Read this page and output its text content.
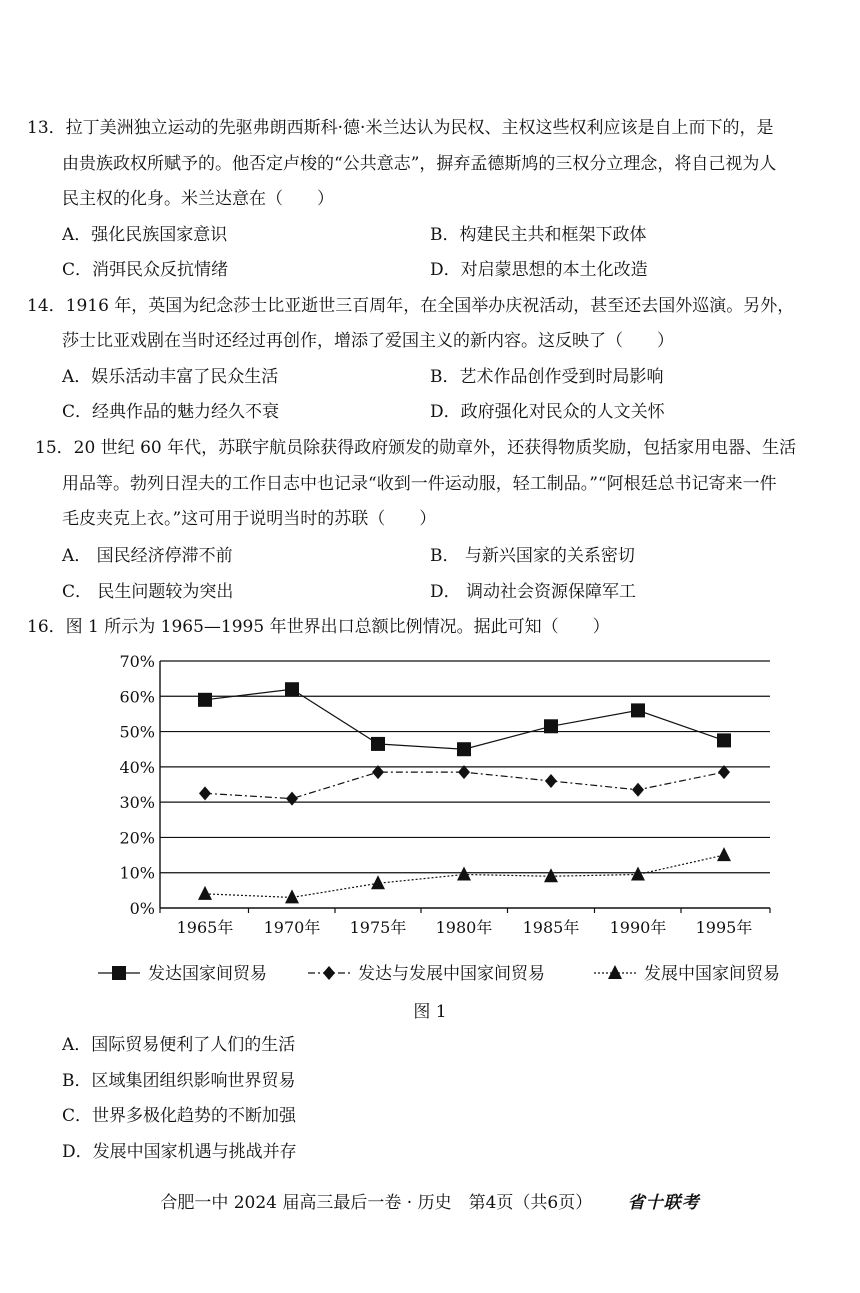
13．拉丁美洲独立运动的先驱弗朗西斯科·德·米兰达认为民权、主权这些权利应该是自上而下的，是
由贵族政权所赋予的。他否定卢梭的“公共意志”，摒弃孟德斯鸠的三权分立理念，将自己视为人
民主权的化身。米兰达意在（　　）
A．强化民族国家意识	B．构建民主共和框架下政体
C．消弭民众反抗情绪	D．对启蒙思想的本土化改造
14．1916 年，英国为纪念莎士比亚逝世三百周年，在全国举办庆祝活动，甚至还去国外巡演。另外，
莎士比亚戏剧在当时还经过再创作，增添了爱国主义的新内容。这反映了（　　）
A．娱乐活动丰富了民众生活	B．艺术作品创作受到时局影响
C．经典作品的魅力经久不衰	D．政府强化对民众的人文关怀
15．20 世纪 60 年代，苏联宇航员除获得政府颁发的勋章外，还获得物质奖励，包括家用电器、生活
用品等。勃列日涅夫的工作日志中也记录“收到一件运动服，轻工制品。”“阿根廷总书记寄来一件
毛皮夹克上衣。”这可用于说明当时的苏联（　　）
A． 国民经济停滞不前	B． 与新兴国家的关系密切
C． 民生问题较为突出	D． 调动社会资源保障军工
16．图 1 所示为 1965—1995 年世界出口总额比例情况。据此可知（　　）
0%
10%
20%
30%
40%
50%
60%
70%
1965年 1970年 1975年 1980年 1985年 1990年 1995年
发达国家间贸易	发达与发展中国家间贸易	发展中国家间贸易
图 1
A．国际贸易便利了人们的生活
B．区域集团组织影响世界贸易
C．世界多极化趋势的不断加强
D．发展中国家机遇与挑战并存
合肥一中 2024 届高三最后一卷 · 历史　第4页（共6页） 省十联考
